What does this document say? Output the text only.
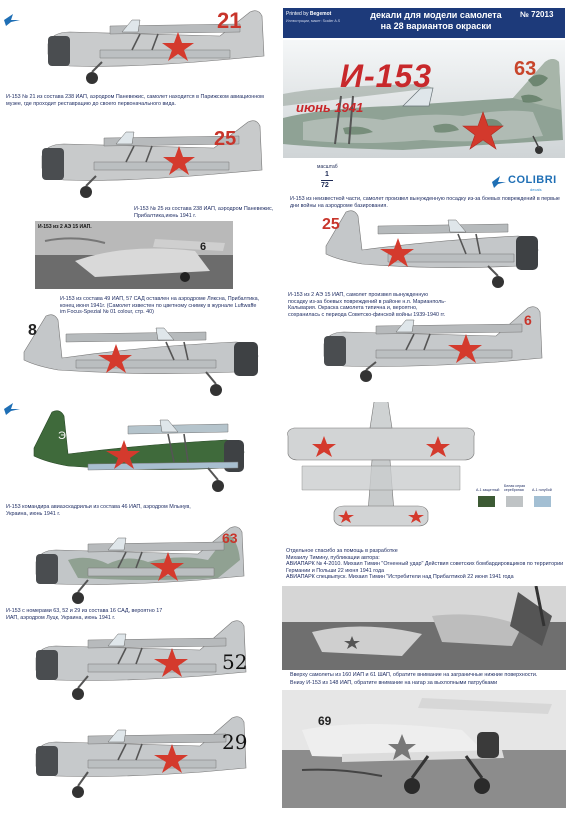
Printed by Begemot
Иллюстрации, макет: Scalier A.S
декали для модели самолета
на 28 вариантов окраски
№ 72013
И-153
июнь 1941
63
масштаб
1
72	COLIBRI
decals
21
И-153 № 21 из состава 238 ИАП, аэродром Паневежис, самолет находится в Парижском авиационном музее, где проходит реставрацию до своего первоначального вида.
25
И-153 № 25 из состава 238 ИАП, аэродром Паневежис, Прибалтика,июнь 1941 г.
6
И-153 из 2 АЭ 15 ИАП.
И-153 из состава 49 ИАП, 57 САД оставлен на аэродроме Ляксна, Прибалтика, конец июня 1941г. (Самолет известен по цветному снимку в журнале Luftwaffe im Focus-Spezial № 01 colour, стр. 40)
8
Э
И-153 командира авиаэскадрильи из состава 46 ИАП, аэродром Млынув, Украина, июнь 1941 г.
63
И-153 с номерами 63, 52 и 29 из состава 16 САД, вероятно 17 ИАП, аэродром Луцк, Украина, июнь 1941 г.
52
29
И-153 из неизвестной части, самолет произвел вынужденную посадку из-за боевых повреждений в первые дни войны на аэродроме базирования.
25
И-153 из 2 АЭ 15 ИАП, самолет произвел вынужденную посадку из-за боевых повреждений в районе н.п. Марианполь-Кальвария. Окраска самолета типична и, вероятно, сохранилась с периода Советско-финской войны 1939-1940 гг.	6
А-1 защитный
Белая серая серебряная	А-1 голубой
Отдельное спасибо за помощь в разработке
Михаилу Тимину, публикации автора:
АВИАПАРК № 4-2010. Михаил Тимин "Огненный удар" Действия советских бомбардировщиков по территории Германии и Польши 22 июня 1941 года
АВИАПАРК спецвыпуск. Михаил Тимин "Истребители над Прибалтикой 22 июня 1941 года
Вверху самолеты из 160 ИАП и 61 ШАП, обратите внимание на заграничные нижние поверхности.
Внизу И-153 из 148 ИАП, обратите внимание на нагар за выхлопными патрубками
69
